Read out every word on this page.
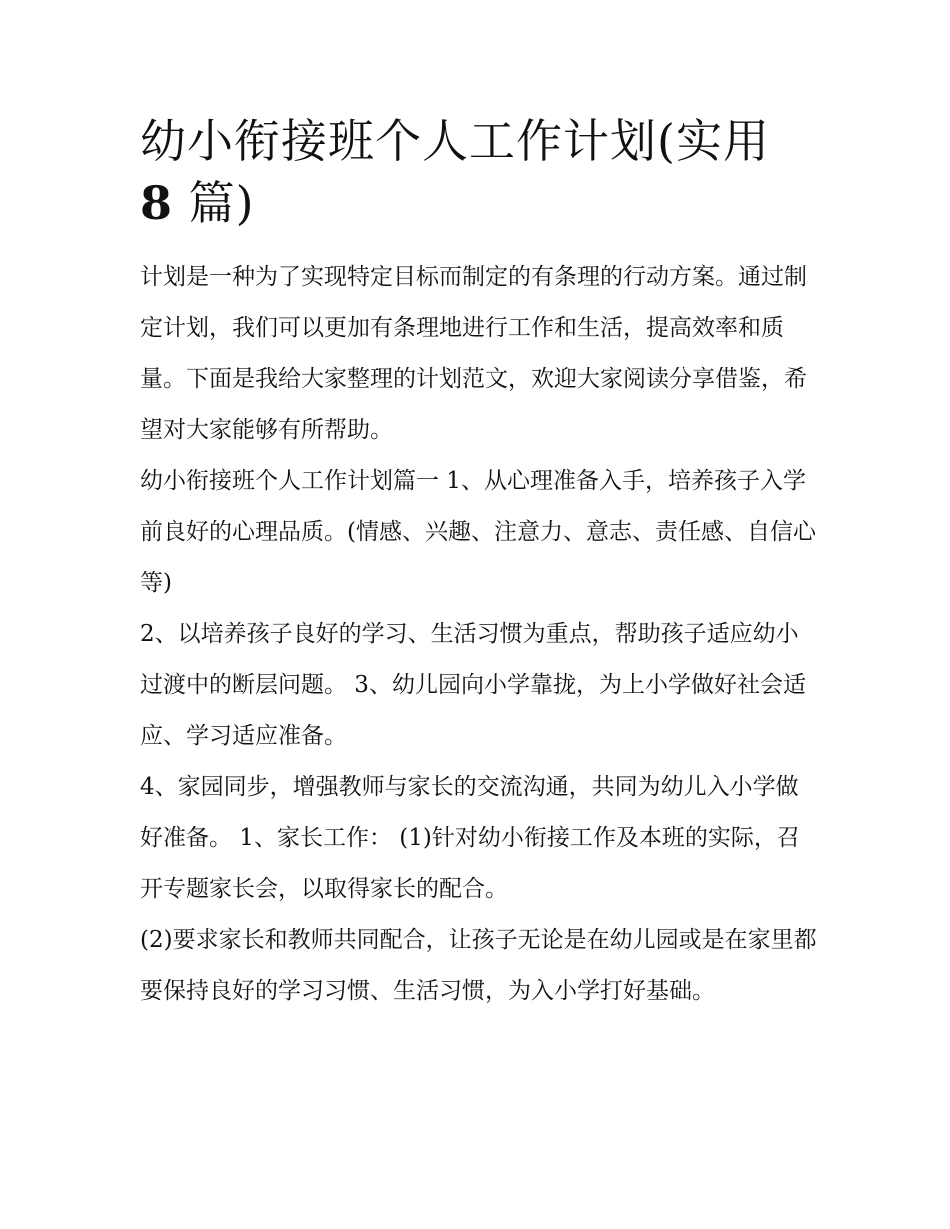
幼小衔接班个人工作计划(实用
8 篇)

计划是一种为了实现特定目标而制定的有条理的行动方案。通过制定计划，我们可以更加有条理地进行工作和生活，提高效率和质量。下面是我给大家整理的计划范文，欢迎大家阅读分享借鉴，希望对大家能够有所帮助。

幼小衔接班个人工作计划篇一 1、从心理准备入手，培养孩子入学前良好的心理品质。(情感、兴趣、注意力、意志、责任感、自信心等)

2、以培养孩子良好的学习、生活习惯为重点，帮助孩子适应幼小过渡中的断层问题。 3、幼儿园向小学靠拢，为上小学做好社会适应、学习适应准备。

4、家园同步，增强教师与家长的交流沟通，共同为幼儿入小学做好准备。 1、家长工作： (1)针对幼小衔接工作及本班的实际，召开专题家长会，以取得家长的配合。

(2)要求家长和教师共同配合，让孩子无论是在幼儿园或是在家里都要保持良好的学习习惯、生活习惯，为入小学打好基础。
